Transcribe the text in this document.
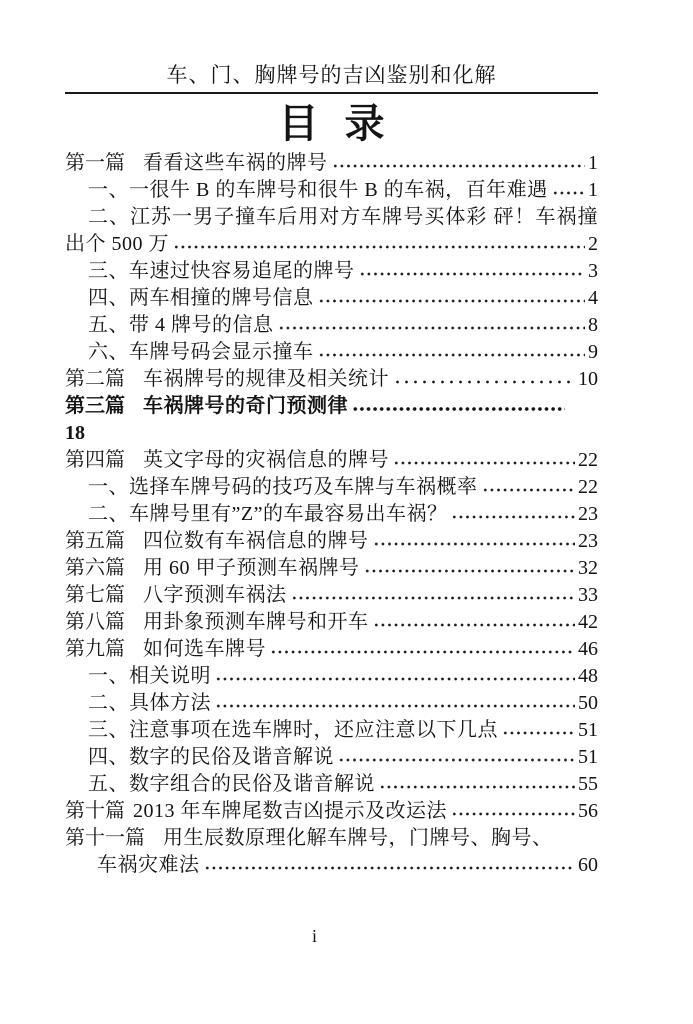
车、门、胸牌号的吉凶鉴别和化解
目 录
第一篇 看看这些车祸的牌号	1
一、一很牛 B 的车牌号和很牛 B 的车祸，百年难遇 1
二、江苏一男子撞车后用对方车牌号买体彩 砰！车祸撞
出个 500 万	2
三、车速过快容易追尾的牌号	3
四、两车相撞的牌号信息	4
五、带 4 牌号的信息	8
六、车牌号码会显示撞车	9
第二篇 车祸牌号的规律及相关统计	10
第三篇 车祸牌号的奇门预测律
18
第四篇 英文字母的灾祸信息的牌号	22
一、选择车牌号码的技巧及车牌与车祸概率	22
二、车牌号里有”Z”的车最容易出车祸？	23
第五篇 四位数有车祸信息的牌号	23
第六篇 用 60 甲子预测车祸牌号	32
第七篇 八字预测车祸法	33
第八篇 用卦象预测车牌号和开车	42
第九篇 如何选车牌号	46
一、相关说明	48
二、具体方法	50
三、注意事项在选车牌时，还应注意以下几点	51
四、数字的民俗及谐音解说	51
五、数字组合的民俗及谐音解说	55
第十篇 2013 年车牌尾数吉凶提示及改运法	56
第十一篇 用生辰数原理化解车牌号，门牌号、胸号、
车祸灾难法	60
i
